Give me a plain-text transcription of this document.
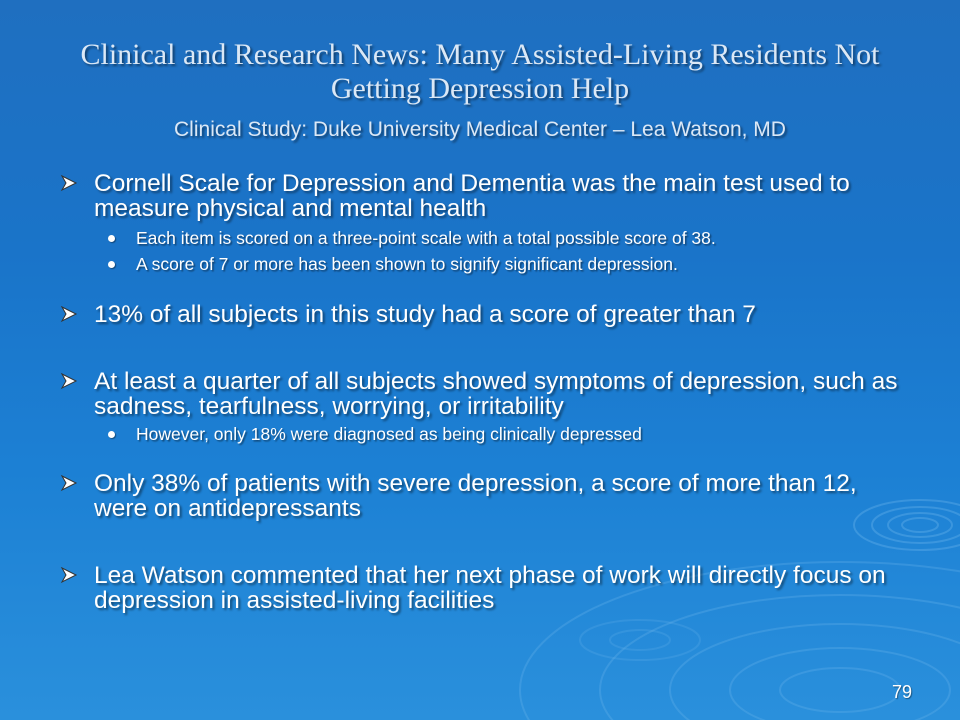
Clinical and Research News: Many Assisted-Living Residents Not Getting Depression Help
Clinical Study: Duke University Medical Center – Lea Watson, MD
Cornell Scale for Depression and Dementia was the main test used to measure physical and mental health
Each item is scored on a three-point scale with a total possible score of 38.
A score of 7 or more has been shown to signify significant depression.
13% of all subjects in this study had a score of greater than 7
At least a quarter of all subjects showed symptoms of depression, such as sadness, tearfulness, worrying, or irritability
However, only 18% were diagnosed as being clinically depressed
Only 38% of patients with severe depression, a score of more than 12, were on antidepressants
Lea Watson commented that her next phase of work will directly focus on depression in assisted-living facilities
79
